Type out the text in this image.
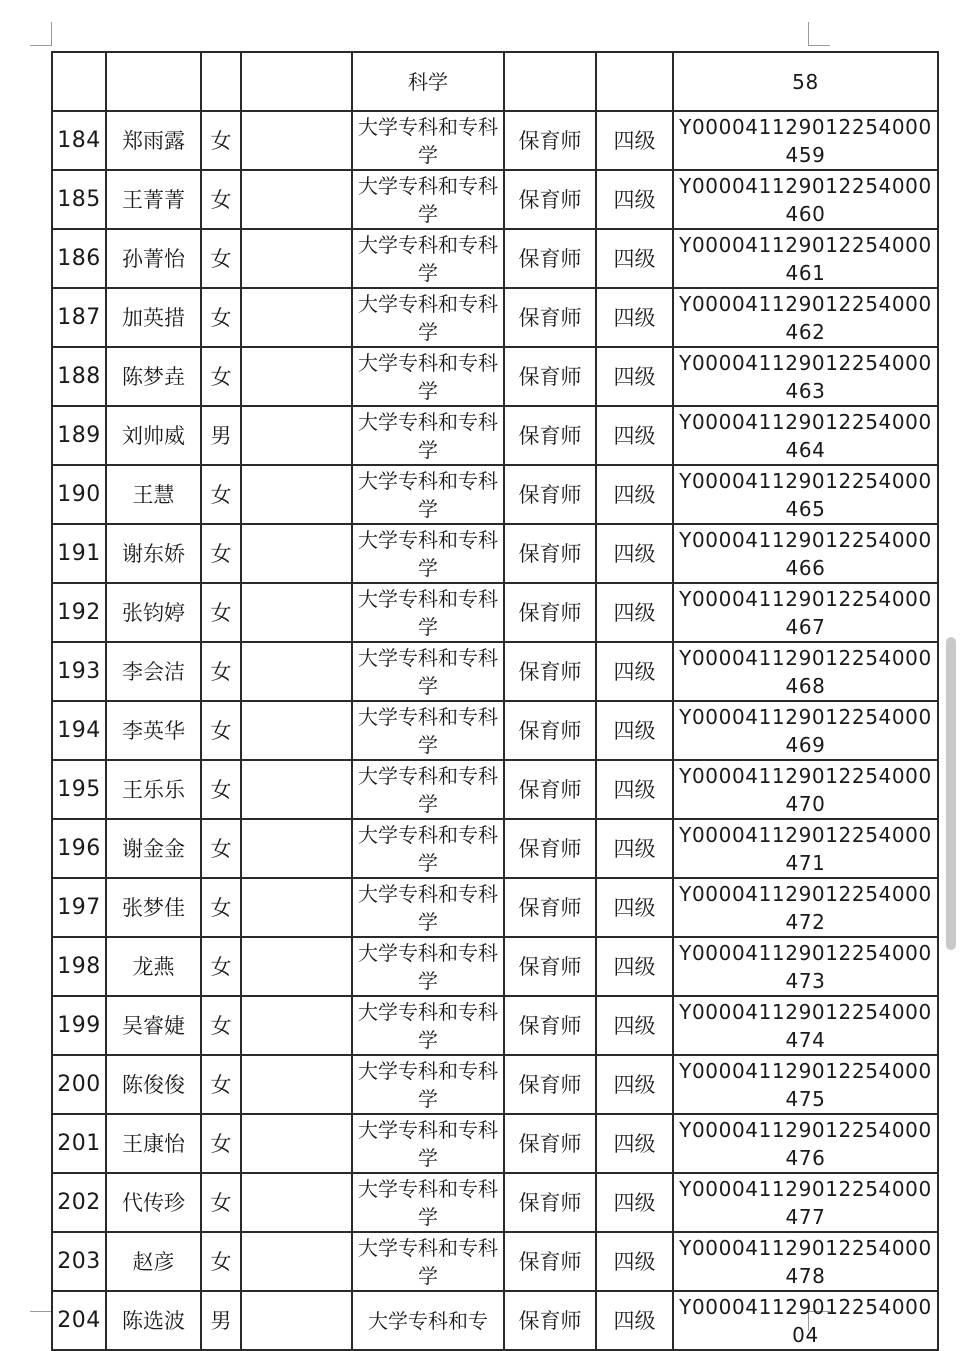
				科学			58
184	郑雨露	女		大学专科和专科学	保育师	四级	Y000041129012254000459
185	王菁菁	女		大学专科和专科学	保育师	四级	Y000041129012254000460
186	孙菁怡	女		大学专科和专科学	保育师	四级	Y000041129012254000461
187	加英措	女		大学专科和专科学	保育师	四级	Y000041129012254000462
188	陈梦垚	女		大学专科和专科学	保育师	四级	Y000041129012254000463
189	刘帅威	男		大学专科和专科学	保育师	四级	Y000041129012254000464
190	王慧	女		大学专科和专科学	保育师	四级	Y000041129012254000465
191	谢东娇	女		大学专科和专科学	保育师	四级	Y000041129012254000466
192	张钧婷	女		大学专科和专科学	保育师	四级	Y000041129012254000467
193	李会洁	女		大学专科和专科学	保育师	四级	Y000041129012254000468
194	李英华	女		大学专科和专科学	保育师	四级	Y000041129012254000469
195	王乐乐	女		大学专科和专科学	保育师	四级	Y000041129012254000470
196	谢金金	女		大学专科和专科学	保育师	四级	Y000041129012254000471
197	张梦佳	女		大学专科和专科学	保育师	四级	Y000041129012254000472
198	龙燕	女		大学专科和专科学	保育师	四级	Y000041129012254000473
199	吴睿婕	女		大学专科和专科学	保育师	四级	Y000041129012254000474
200	陈俊俊	女		大学专科和专科学	保育师	四级	Y000041129012254000475
201	王康怡	女		大学专科和专科学	保育师	四级	Y000041129012254000476
202	代传珍	女		大学专科和专科学	保育师	四级	Y000041129012254000477
203	赵彦	女		大学专科和专科学	保育师	四级	Y000041129012254000478
204	陈选波	男		大学专科和专	保育师	四级	Y00004112901225400004
